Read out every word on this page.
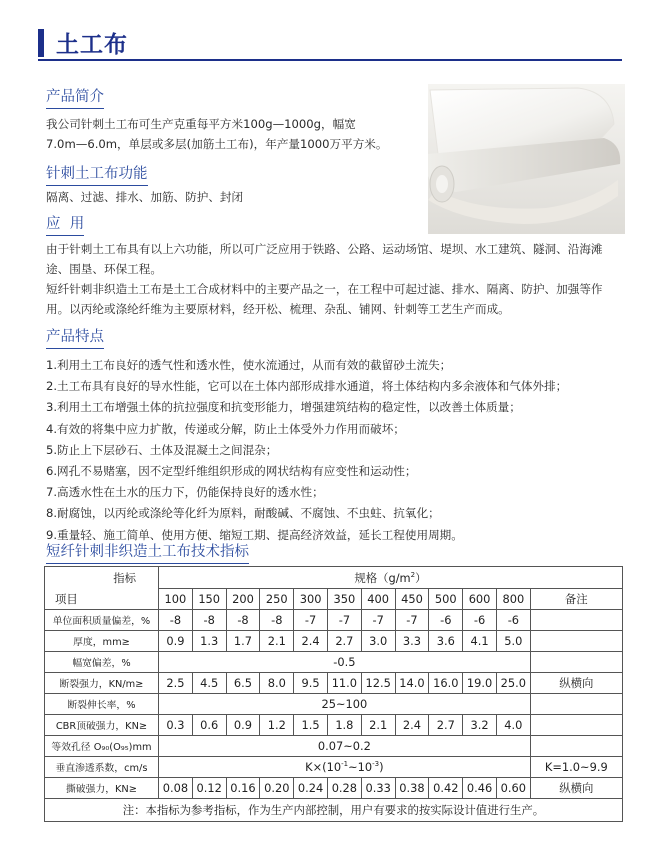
土工布
产品简介
我公司针刺土工布可生产克重每平方米100g—1000g，幅宽
7.0m—6.0m，单层或多层(加筋土工布)，年产量1000万平方米。
针刺土工布功能
隔离、过滤、排水、加筋、防护、封闭
应  用
由于针刺土工布具有以上六功能，所以可广泛应用于铁路、公路、运动场馆、堤坝、水工建筑、隧洞、沿海滩
途、围垦、环保工程。
短纤针刺非织造土工布是土工合成材料中的主要产品之一，在工程中可起过滤、排水、隔离、防护、加强等作
用。以丙纶或涤纶纤维为主要原材料，经开松、梳理、杂乱、铺网、针刺等工艺生产而成。
产品特点
1.利用土工布良好的透气性和透水性，使水流通过，从而有效的截留砂土流失；
2.土工布具有良好的导水性能，它可以在土体内部形成排水通道，将土体结构内多余液体和气体外排；
3.利用土工布增强土体的抗拉强度和抗变形能力，增强建筑结构的稳定性，以改善土体质量；
4.有效的将集中应力扩散，传递或分解，防止土体受外力作用而破坏；
5.防止上下层砂石、土体及混凝土之间混杂；
6.网孔不易赌塞，因不定型纤维组织形成的网状结构有应变性和运动性；
7.高透水性在土水的压力下，仍能保持良好的透水性；
8.耐腐蚀，以丙纶或涤纶等化纤为原料，耐酸碱、不腐蚀、不虫蛀、抗氧化；
9.重量轻、施工简单、使用方便、缩短工期、提高经济效益，延长工程使用周期。
短纤针刺非织造土工布技术指标
指标	规格$(g/m^2)$											
项目	100	150	200	250	300	350	400	450	500	600	800	备注
单位面积质量偏差，%	-8	-8	-8	-8	-7	-7	-7	-7	-6	-6	-6	
厚度，mm≥	0.9	1.3	1.7	2.1	2.4	2.7	3.0	3.3	3.6	4.1	5.0	
幅宽偏差，%	-0.5											
断裂强力，KN/m≥	2.5	4.5	6.5	8.0	9.5	11.0	12.5	14.0	16.0	19.0	25.0	纵横向
断裂伸长率，%	25~100											
CBR顶破强力，KN≥	0.3	0.6	0.9	1.2	1.5	1.8	2.1	2.4	2.7	3.2	4.0	
等效孔径 O₉₀(O₉₅)mm	0.07~0.2											
垂直渗透系数，cm/s	$K\times(10^{-1}\sim 10^{-3})$											K=1.0~9.9
撕破强力，KN≥	0.08	0.12	0.16	0.20	0.24	0.28	0.33	0.38	0.42	0.46	0.60	纵横向
注：本指标为参考指标，作为生产内部控制，用户有要求的按实际设计值进行生产。												
